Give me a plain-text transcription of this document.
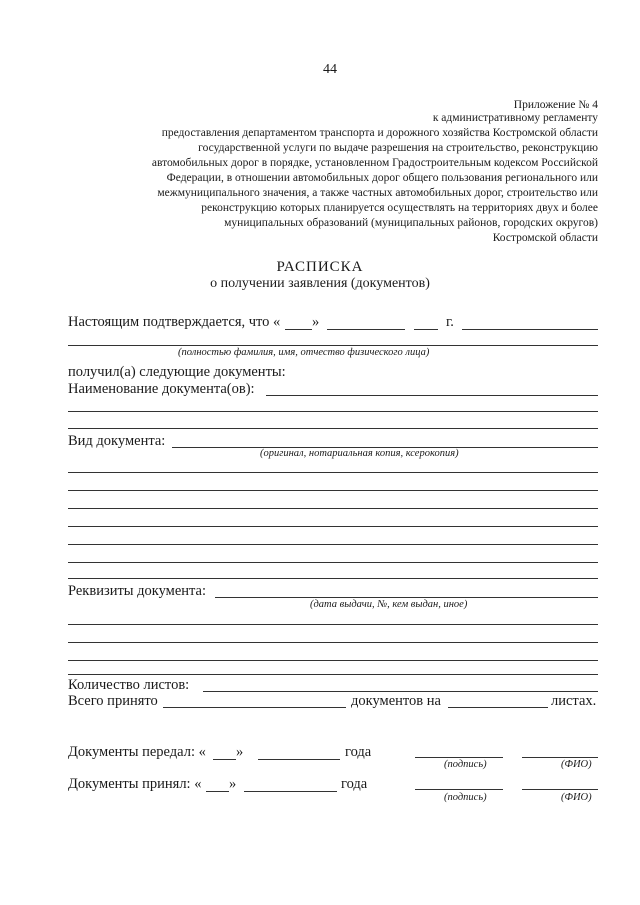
44
Приложение № 4
к административному регламенту
предоставления департаментом транспорта и дорожного хозяйства Костромской области
государственной услуги по выдаче разрешения на строительство, реконструкцию
автомобильных дорог в порядке, установленном Градостроительным кодексом Российской
Федерации, в отношении автомобильных дорог общего пользования регионального или
межмуниципального значения, а также частных автомобильных дорог, строительство или
реконструкцию которых планируется осуществлять на территориях двух и более
муниципальных образований (муниципальных районов, городских округов)
Костромской области
РАСПИСКА
о получении заявления (документов)
Настоящим подтверждается, что « »	г.
(полностью фамилия, имя, отчество физического лица)
получил(а) следующие документы:
Наименование документа(ов):
Вид документа:
(оригинал, нотариальная копия, ксерокопия)
Реквизиты документа:
(дата выдачи, №, кем выдан, иное)
Количество листов:
Всего принято	документов на	листах.
Документы передал: « »	года
(подпись)	(ФИО)
Документы принял: « »	года
(подпись)	(ФИО)
